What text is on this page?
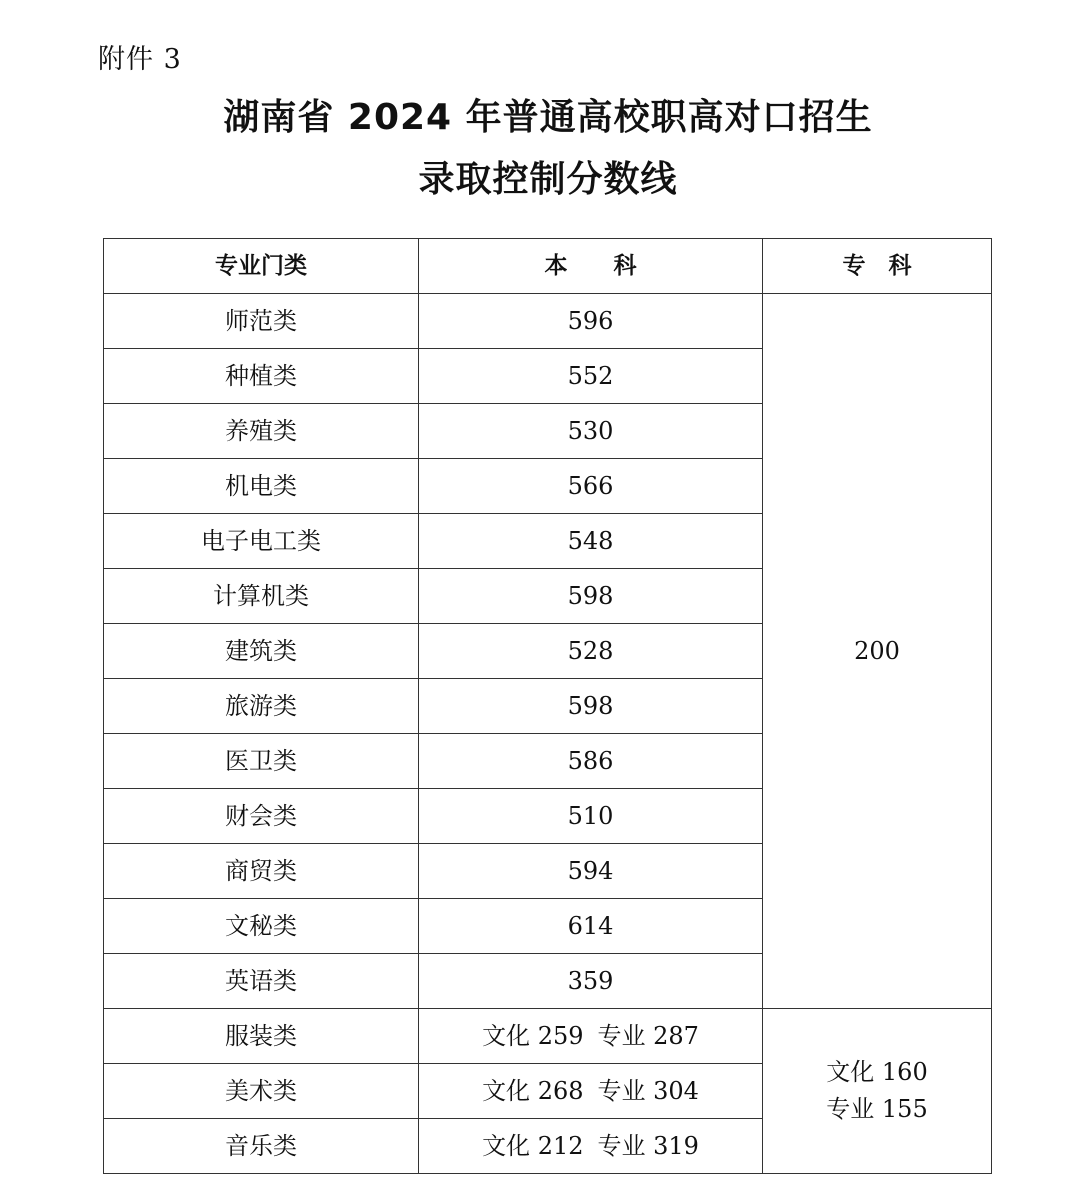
附件 3
湖南省 2024 年普通高校职高对口招生
录取控制分数线
专业门类	本　　科	专　科
师范类	596	200
种植类	552	
养殖类	530	
机电类	566	
电子电工类	548	
计算机类	598	
建筑类	528	
旅游类	598	
医卫类	586	
财会类	510	
商贸类	594	
文秘类	614	
英语类	359	
服装类	文化 259 专业 287	文化 160
专业 155

美术类	文化 268 专业 304	
音乐类	文化 212 专业 319	
